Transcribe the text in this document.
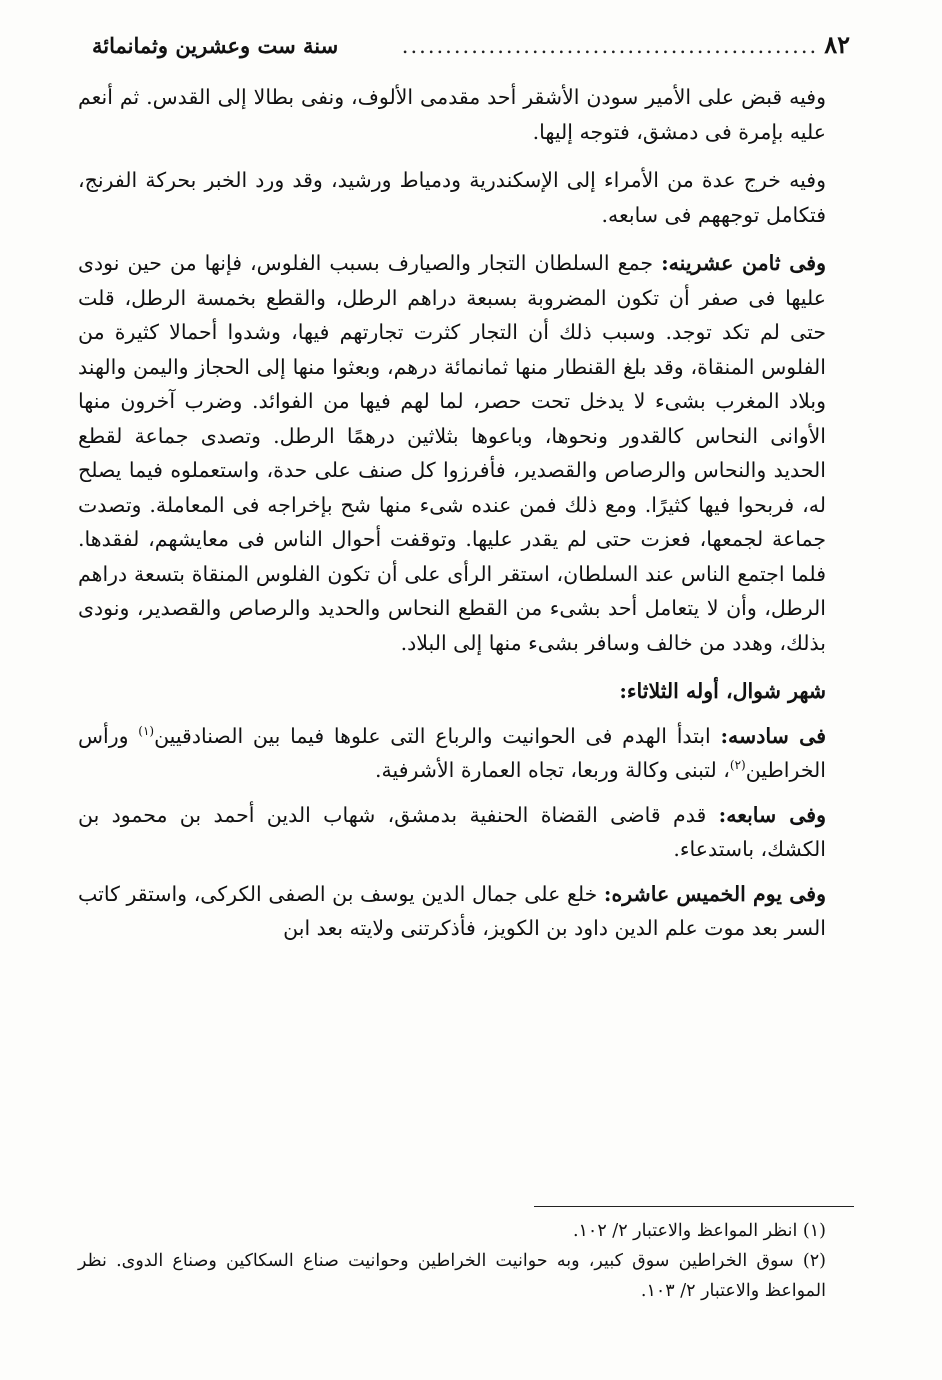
٨٢
................................................
سنة ست وعشرين وثمانمائة

وفيه قبض على الأمير سودن الأشقر أحد مقدمى الألوف، ونفى بطالا إلى القدس. ثم أنعم عليه بإمرة فى دمشق، فتوجه إليها.

وفيه خرج عدة من الأمراء إلى الإسكندرية ودمياط ورشيد، وقد ورد الخبر بحركة الفرنج، فتكامل توجههم فى سابعه.

وفى ثامن عشرينه: جمع السلطان التجار والصيارف بسبب الفلوس، فإنها من حين نودى عليها فى صفر أن تكون المضروبة بسبعة دراهم الرطل، والقطع بخمسة الرطل، قلت حتى لم تكد توجد. وسبب ذلك أن التجار كثرت تجارتهم فيها، وشدوا أحمالا كثيرة من الفلوس المنقاة، وقد بلغ القنطار منها ثمانمائة درهم، وبعثوا منها إلى الحجاز واليمن والهند وبلاد المغرب بشىء لا يدخل تحت حصر، لما لهم فيها من الفوائد. وضرب آخرون منها الأوانى النحاس كالقدور ونحوها، وباعوها بثلاثين درهمًا الرطل. وتصدى جماعة لقطع الحديد والنحاس والرصاص والقصدير، فأفرزوا كل صنف على حدة، واستعملوه فيما يصلح له، فربحوا فيها كثيرًا. ومع ذلك فمن عنده شىء منها شح بإخراجه فى المعاملة. وتصدت جماعة لجمعها، فعزت حتى لم يقدر عليها. وتوقفت أحوال الناس فى معايشهم، لفقدها. فلما اجتمع الناس عند السلطان، استقر الرأى على أن تكون الفلوس المنقاة بتسعة دراهم الرطل، وأن لا يتعامل أحد بشىء من القطع النحاس والحديد والرصاص والقصدير، ونودى بذلك، وهدد من خالف وسافر بشىء منها إلى البلاد.

شهر شوال، أوله الثلاثاء:

فى سادسه: ابتدأ الهدم فى الحوانيت والرباع التى علوها فيما بين الصنادقيين$^{(١)}$ ورأس الخراطين$^{(٢)}$، لتبنى وكالة وربعا، تجاه العمارة الأشرفية.

وفى سابعه: قدم قاضى القضاة الحنفية بدمشق، شهاب الدين أحمد بن محمود بن الكشك، باستدعاء.

وفى يوم الخميس عاشره: خلع على جمال الدين يوسف بن الصفى الكركى، واستقر كاتب السر بعد موت علم الدين داود بن الكويز، فأذكرتنى ولايته بعد ابن

(١) انظر المواعظ والاعتبار ٢/ ١٠٢.

(٢) سوق الخراطين سوق كبير، وبه حوانيت الخراطين وحوانيت صناع السكاكين وصناع الدوى. نظر المواعظ والاعتبار ٢/ ١٠٣.
